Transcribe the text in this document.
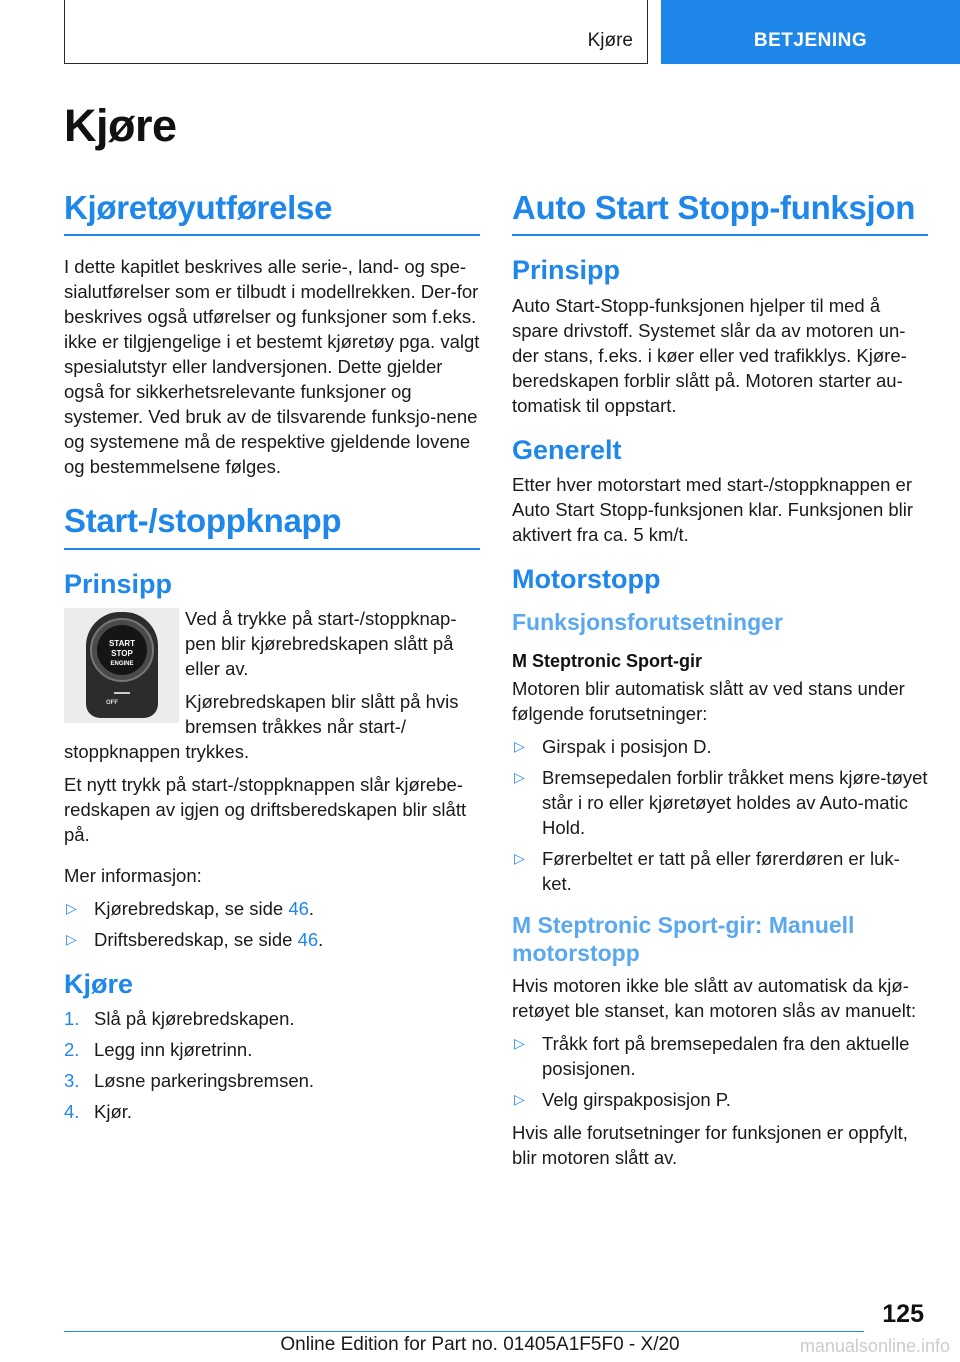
Kjøre	BETJENING
Kjøre
Kjøretøyutførelse

I dette kapitlet beskrives alle serie-, land- og spe-sialutførelser som er tilbudt i modellrekken. Der-for beskrives også utførelser og funksjoner som f.eks. ikke er tilgjengelige i et bestemt kjøretøy pga. valgt spesialutstyr eller landversjonen. Dette gjelder også for sikkerhetsrelevante funksjoner og systemer. Ved bruk av de tilsvarende funksjo-nene og systemene må de respektive gjeldende lovene og bestemmelsene følges.

Start-/stoppknapp
Prinsipp
START
STOP
ENGINE
OFF

Ved å trykke på start-/stoppknap-pen blir kjørebredskapen slått på eller av.

Kjørebredskapen blir slått på hvis bremsen tråkkes når start-/ stoppknappen trykkes.

Et nytt trykk på start-/stoppknappen slår kjørebe-redskapen av igjen og driftsberedskapen blir slått på.

Mer informasjon:

▷ Kjørebredskap, se side 46.
▷ Driftsberedskap, se side 46.
Kjøre
1. Slå på kjørebredskapen.
2. Legg inn kjøretrinn.
3. Løsne parkeringsbremsen.
4. Kjør.
Auto Start Stopp-funksjon
Prinsipp

Auto Start-Stopp-funksjonen hjelper til med å spare drivstoff. Systemet slår da av motoren un-der stans, f.eks. i køer eller ved trafikklys. Kjøre-beredskapen forblir slått på. Motoren starter au-tomatisk til oppstart.

Generelt

Etter hver motorstart med start-/stoppknappen er Auto Start Stopp-funksjonen klar. Funksjonen blir aktivert fra ca. 5 km/t.

Motorstopp
Funksjonsforutsetninger
M Steptronic Sport-gir

Motoren blir automatisk slått av ved stans under følgende forutsetninger:

▷ Girspak i posisjon D.
▷ Bremsepedalen forblir tråkket mens kjøre-tøyet står i ro eller kjøretøyet holdes av Auto-matic Hold.
▷ Førerbeltet er tatt på eller førerdøren er luk-ket.
M Steptronic Sport-gir: Manuell motorstopp

Hvis motoren ikke ble slått av automatisk da kjø-retøyet ble stanset, kan motoren slås av manuelt:

▷ Tråkk fort på bremsepedalen fra den aktuelle posisjonen.
▷ Velg girspakposisjon P.

Hvis alle forutsetninger for funksjonen er oppfylt, blir motoren slått av.

125
Online Edition for Part no. 01405A1F5F0 - X/20	manualsonline.info
